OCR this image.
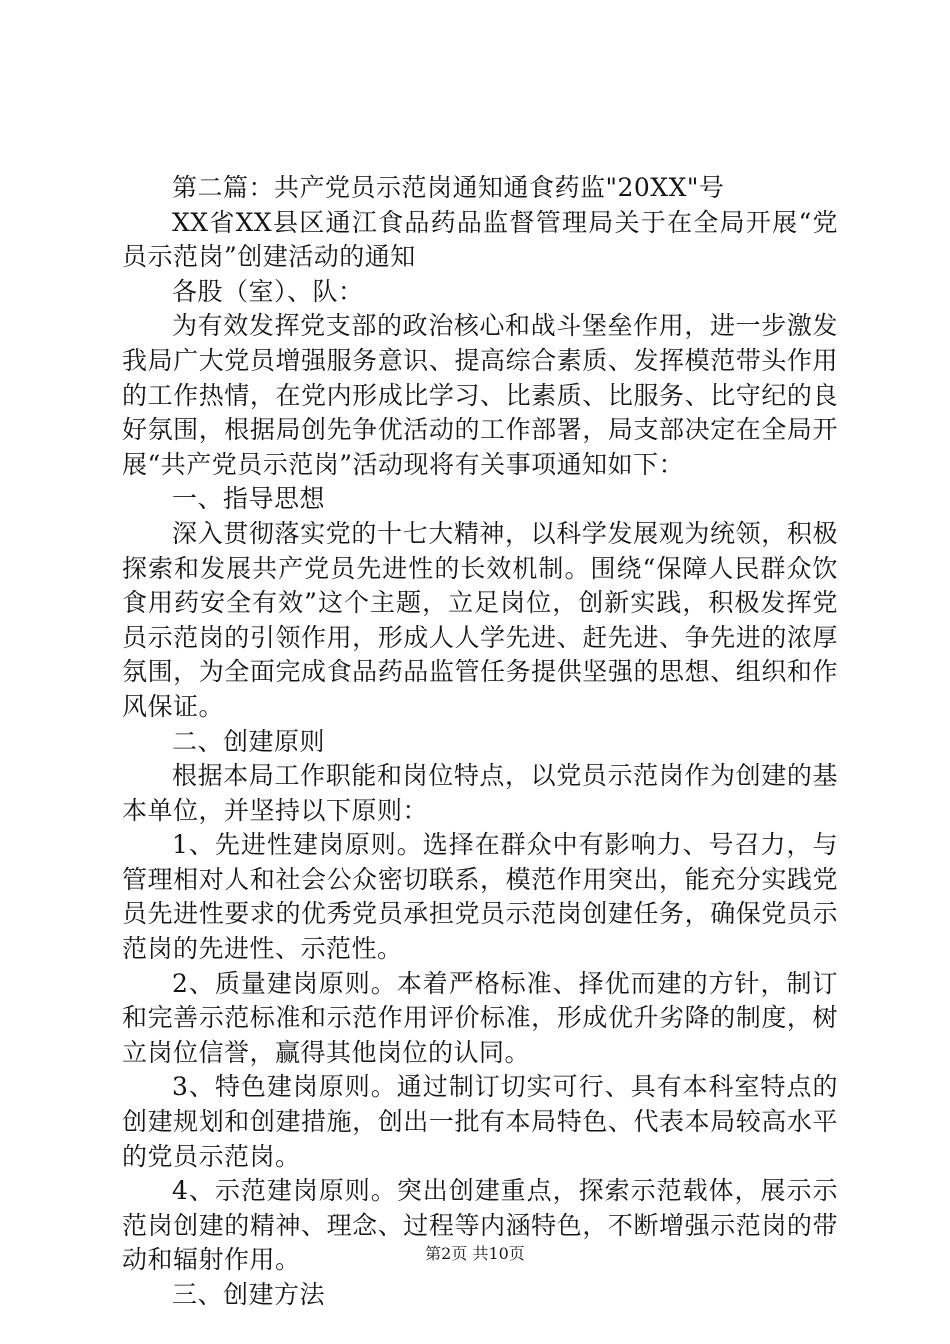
第二篇：共产党员示范岗通知通食药监"20XX"号

XX省XX县区通江食品药品监督管理局关于在全局开展“党员示范岗”创建活动的通知

各股（室）、队：

为有效发挥党支部的政治核心和战斗堡垒作用，进一步激发我局广大党员增强服务意识、提高综合素质、发挥模范带头作用的工作热情，在党内形成比学习、比素质、比服务、比守纪的良好氛围，根据局创先争优活动的工作部署，局支部决定在全局开展“共产党员示范岗”活动现将有关事项通知如下：

一、指导思想

深入贯彻落实党的十七大精神，以科学发展观为统领，积极探索和发展共产党员先进性的长效机制。围绕“保障人民群众饮食用药安全有效”这个主题，立足岗位，创新实践，积极发挥党员示范岗的引领作用，形成人人学先进、赶先进、争先进的浓厚氛围，为全面完成食品药品监管任务提供坚强的思想、组织和作风保证。

二、创建原则

根据本局工作职能和岗位特点，以党员示范岗作为创建的基本单位，并坚持以下原则：

1、先进性建岗原则。选择在群众中有影响力、号召力，与管理相对人和社会公众密切联系，模范作用突出，能充分实践党员先进性要求的优秀党员承担党员示范岗创建任务，确保党员示范岗的先进性、示范性。

2、质量建岗原则。本着严格标准、择优而建的方针，制订和完善示范标准和示范作用评价标准，形成优升劣降的制度，树立岗位信誉，赢得其他岗位的认同。

3、特色建岗原则。通过制订切实可行、具有本科室特点的创建规划和创建措施，创出一批有本局特色、代表本局较高水平的党员示范岗。

4、示范建岗原则。突出创建重点，探索示范载体，展示示范岗创建的精神、理念、过程等内涵特色，不断增强示范岗的带动和辐射作用。

三、创建方法

第2页 共10页
